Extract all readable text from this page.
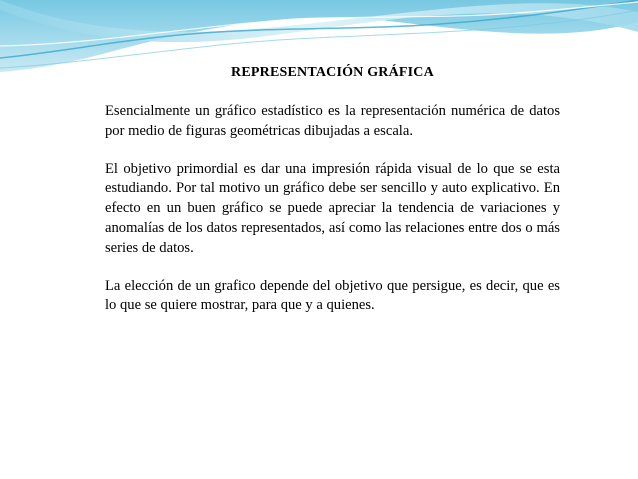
REPRESENTACIÓN GRÁFICA

Esencialmente un gráfico estadístico es la representación numérica de datos por medio de figuras geométricas dibujadas a escala.

El objetivo primordial es dar una impresión rápida visual de lo que se esta estudiando. Por tal motivo un gráfico debe ser sencillo y auto explicativo. En efecto en un buen gráfico se puede apreciar la tendencia de variaciones y anomalías de los datos representados, así como las relaciones entre dos o más series de datos.

La elección de un grafico depende del objetivo que persigue, es decir, que es lo que se quiere mostrar, para que y a quienes.
